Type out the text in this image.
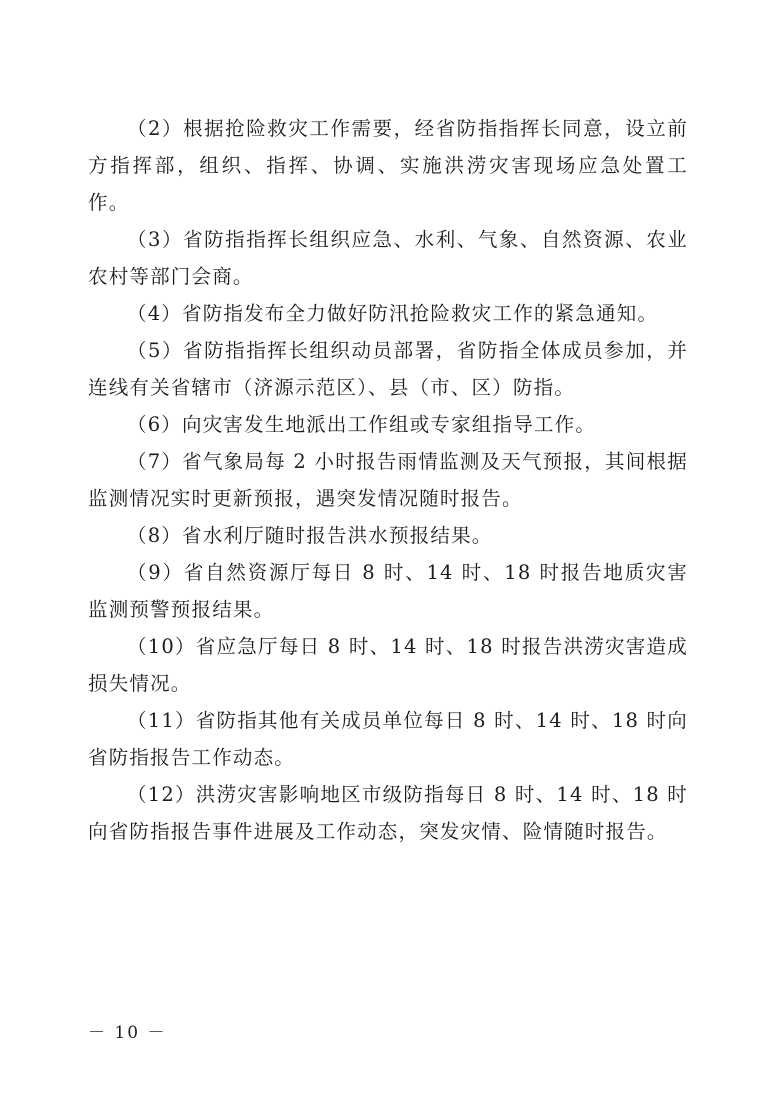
（2）根据抢险救灾工作需要，经省防指指挥长同意，设立前方指挥部，组织、指挥、协调、实施洪涝灾害现场应急处置工作。

（3）省防指指挥长组织应急、水利、气象、自然资源、农业农村等部门会商。

（4）省防指发布全力做好防汛抢险救灾工作的紧急通知。

（5）省防指指挥长组织动员部署，省防指全体成员参加，并连线有关省辖市（济源示范区）、县（市、区）防指。

（6）向灾害发生地派出工作组或专家组指导工作。

（7）省气象局每 2 小时报告雨情监测及天气预报，其间根据监测情况实时更新预报，遇突发情况随时报告。

（8）省水利厅随时报告洪水预报结果。

（9）省自然资源厅每日 8 时、14 时、18 时报告地质灾害监测预警预报结果。

（10）省应急厅每日 8 时、14 时、18 时报告洪涝灾害造成损失情况。

（11）省防指其他有关成员单位每日 8 时、14 时、18 时向省防指报告工作动态。

（12）洪涝灾害影响地区市级防指每日 8 时、14 时、18 时向省防指报告事件进展及工作动态，突发灾情、险情随时报告。

－ 10 －
